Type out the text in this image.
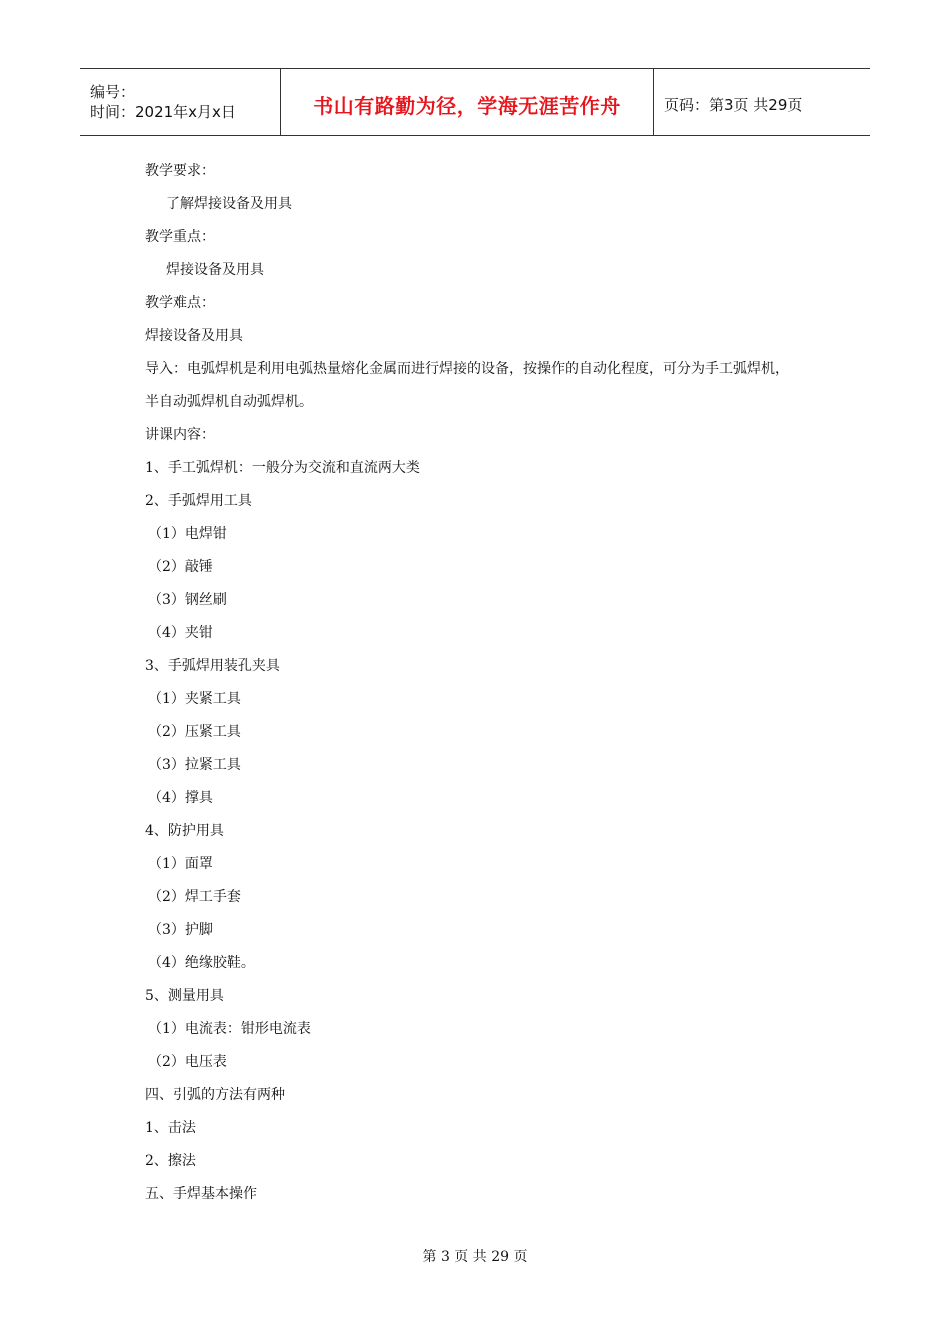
编号：
时间：2021年x月x日	书山有路勤为径，学海无涯苦作舟	页码：第3页 共29页
教学要求：
了解焊接设备及用具
教学重点：
焊接设备及用具
教学难点：
焊接设备及用具
导入：电弧焊机是利用电弧热量熔化金属而进行焊接的设备，按操作的自动化程度，可分为手工弧焊机，
半自动弧焊机自动弧焊机。
讲课内容：
1、手工弧焊机：一般分为交流和直流两大类
2、手弧焊用工具
（1）电焊钳
（2）敲锤
（3）钢丝刷
（4）夹钳
3、手弧焊用装孔夹具
（1）夹紧工具
（2）压紧工具
（3）拉紧工具
（4）撑具
4、防护用具
（1）面罩
（2）焊工手套
（3）护脚
（4）绝缘胶鞋。
5、测量用具
（1）电流表：钳形电流表
（2）电压表
四、引弧的方法有两种
1、击法
2、擦法
五、手焊基本操作
第 3 页 共 29 页
